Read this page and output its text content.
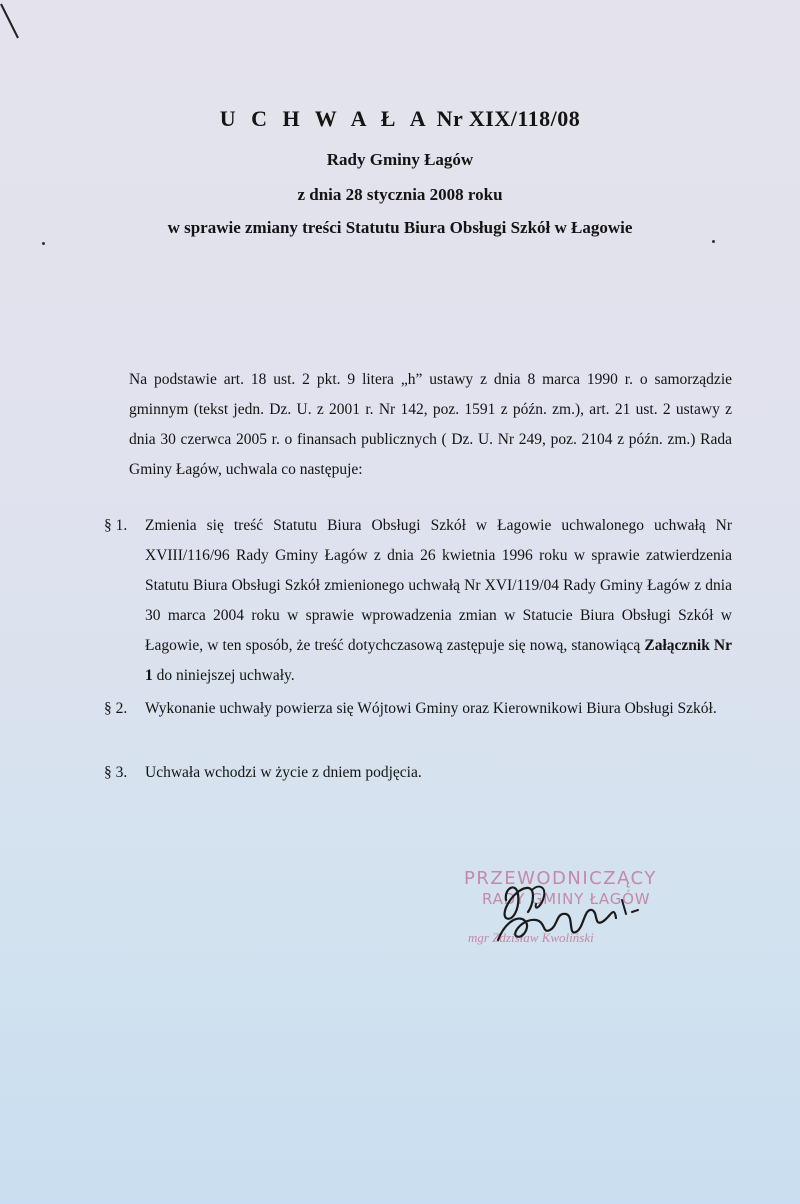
U C H W A Ł A Nr XIX/118/08
Rady Gminy Łagów
z dnia 28 stycznia 2008 roku
w sprawie zmiany treści Statutu Biura Obsługi Szkół w Łagowie
Na podstawie art. 18 ust. 2 pkt. 9 litera „h” ustawy z dnia 8 marca 1990 r. o samorządzie gminnym (tekst jedn. Dz. U. z 2001 r. Nr 142, poz. 1591 z późn. zm.), art. 21 ust. 2 ustawy z dnia 30 czerwca 2005 r. o finansach publicznych ( Dz. U. Nr 249, poz. 2104 z późn. zm.) Rada Gminy Łagów, uchwala co następuje:
§ 1.	Zmienia się treść Statutu Biura Obsługi Szkół w Łagowie uchwalonego uchwałą Nr XVIII/116/96 Rady Gminy Łagów z dnia 26 kwietnia 1996 roku w sprawie zatwierdzenia Statutu Biura Obsługi Szkół zmienionego uchwałą Nr XVI/119/04 Rady Gminy Łagów z dnia 30 marca 2004 roku w sprawie wprowadzenia zmian w Statucie Biura Obsługi Szkół w Łagowie, w ten sposób, że treść dotychczasową zastępuje się nową, stanowiącą Załącznik Nr 1 do niniejszej uchwały.
§ 2.	Wykonanie uchwały powierza się Wójtowi Gminy oraz Kierownikowi Biura Obsługi Szkół.
§ 3.	Uchwała wchodzi w życie z dniem podjęcia.
PRZEWODNICZĄCY
RADY GMINY ŁAGÓW
mgr Zdzisław Kwoliński
